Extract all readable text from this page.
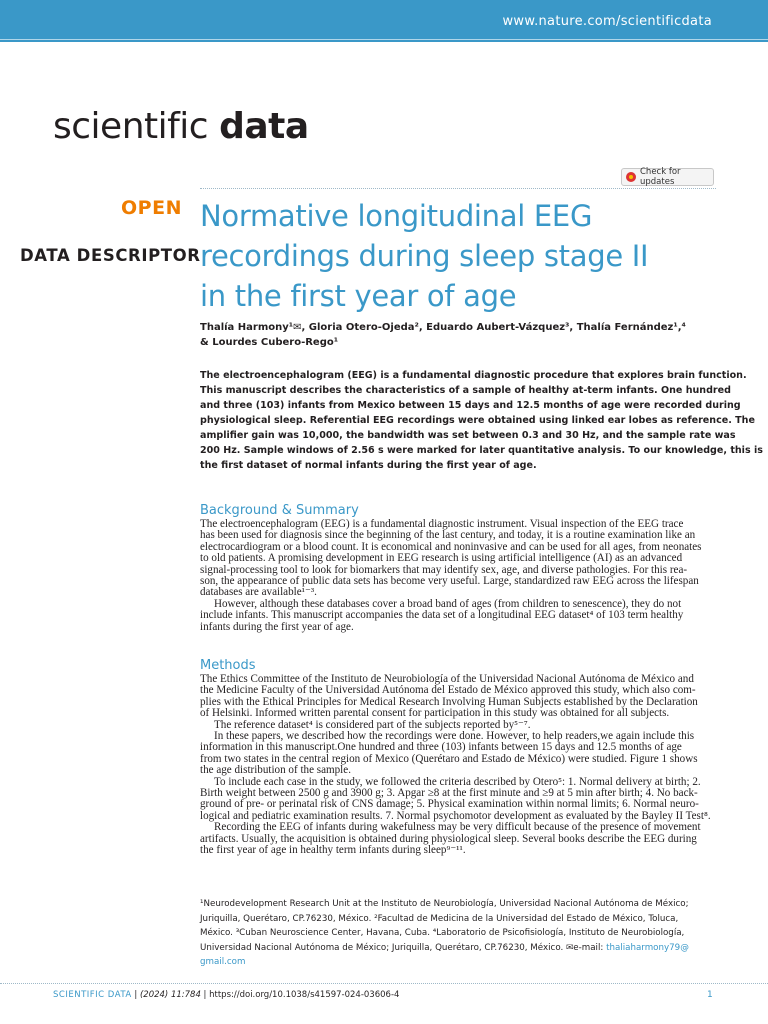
www.nature.com/scientificdata
scientific data
Check for updates
OPEN
DATA DESCRIPTOR
Normative longitudinal EEG
recordings during sleep stage II
in the first year of age
Thalía Harmony¹✉, Gloria Otero-Ojeda², Eduardo Aubert-Vázquez³, Thalía Fernández¹,⁴
& Lourdes Cubero-Rego¹
The electroencephalogram (EEG) is a fundamental diagnostic procedure that explores brain function.
This manuscript describes the characteristics of a sample of healthy at-term infants. One hundred
and three (103) infants from Mexico between 15 days and 12.5 months of age were recorded during
physiological sleep. Referential EEG recordings were obtained using linked ear lobes as reference. The
amplifier gain was 10,000, the bandwidth was set between 0.3 and 30 Hz, and the sample rate was
200 Hz. Sample windows of 2.56 s were marked for later quantitative analysis. To our knowledge, this is
the first dataset of normal infants during the first year of age.
Background & Summary
The electroencephalogram (EEG) is a fundamental diagnostic instrument. Visual inspection of the EEG trace
has been used for diagnosis since the beginning of the last century, and today, it is a routine examination like an
electrocardiogram or a blood count. It is economical and noninvasive and can be used for all ages, from neonates
to old patients. A promising development in EEG research is using artificial intelligence (AI) as an advanced
signal-processing tool to look for biomarkers that may identify sex, age, and diverse pathologies. For this rea-
son, the appearance of public data sets has become very useful. Large, standardized raw EEG across the lifespan
databases are available¹⁻³.
However, although these databases cover a broad band of ages (from children to senescence), they do not
include infants. This manuscript accompanies the data set of a longitudinal EEG dataset⁴ of 103 term healthy
infants during the first year of age.
Methods
The Ethics Committee of the Instituto de Neurobiología of the Universidad Nacional Autónoma de México and
the Medicine Faculty of the Universidad Autónoma del Estado de México approved this study, which also com-
plies with the Ethical Principles for Medical Research Involving Human Subjects established by the Declaration
of Helsinki. Informed written parental consent for participation in this study was obtained for all subjects.
The reference dataset⁴ is considered part of the subjects reported by⁵⁻⁷.
In these papers, we described how the recordings were done. However, to help readers,we again include this
information in this manuscript.One hundred and three (103) infants between 15 days and 12.5 months of age
from two states in the central region of Mexico (Querétaro and Estado de México) were studied. Figure 1 shows
the age distribution of the sample.
To include each case in the study, we followed the criteria described by Otero⁵: 1. Normal delivery at birth; 2.
Birth weight between 2500 g and 3900 g; 3. Apgar ≥8 at the first minute and ≥9 at 5 min after birth; 4. No back-
ground of pre- or perinatal risk of CNS damage; 5. Physical examination within normal limits; 6. Normal neuro-
logical and pediatric examination results. 7. Normal psychomotor development as evaluated by the Bayley II Test⁸.
Recording the EEG of infants during wakefulness may be very difficult because of the presence of movement
artifacts. Usually, the acquisition is obtained during physiological sleep. Several books describe the EEG during
the first year of age in healthy term infants during sleep⁹⁻¹¹.
¹Neurodevelopment Research Unit at the Instituto de Neurobiología, Universidad Nacional Autónoma de México;
Juriquilla, Querétaro, CP.76230, México. ²Facultad de Medicina de la Universidad del Estado de México, Toluca,
México. ³Cuban Neuroscience Center, Havana, Cuba. ⁴Laboratorio de Psicofisiología, Instituto de Neurobiología,
Universidad Nacional Autónoma de México; Juriquilla, Querétaro, CP.76230, México. ✉e-mail: thaliaharmony79@
gmail.com
SCIENTIFIC DATA | (2024) 11:784 | https://doi.org/10.1038/s41597-024-03606-4	1
